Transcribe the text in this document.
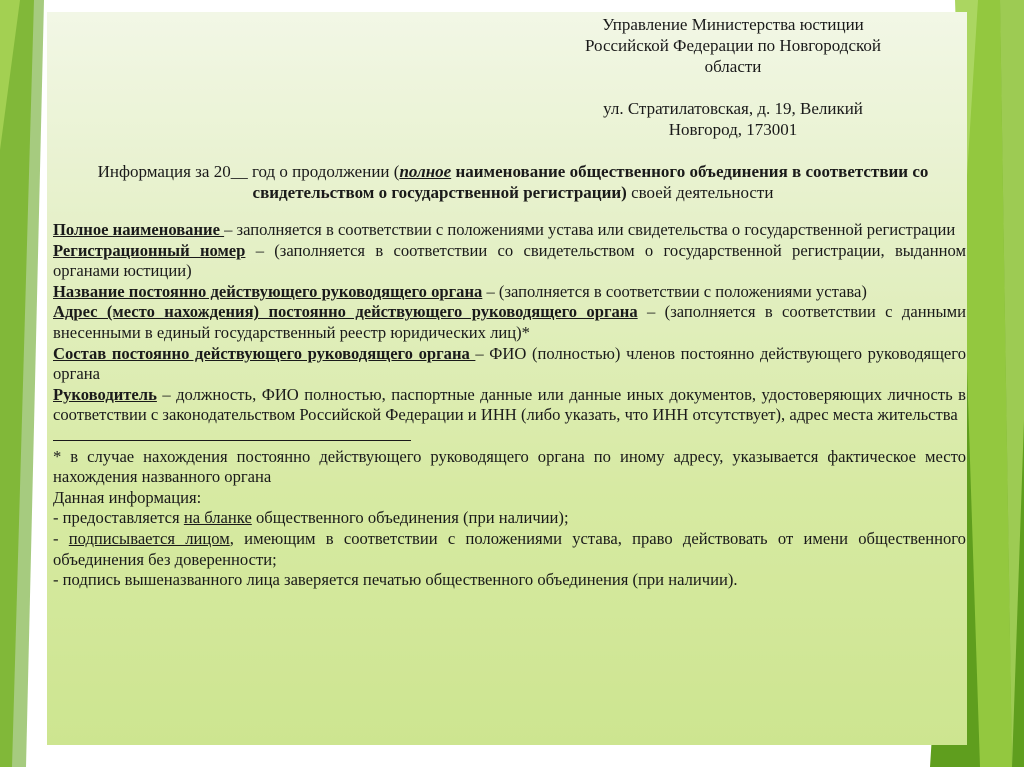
Управление Министерства юстиции

Российской Федерации по Новгородской

области

ул. Стратилатовская, д. 19, Великий

Новгород, 173001

Информация за 20__ год о продолжении (полное наименование общественного объединения в соответствии со свидетельством о государственной регистрации) своей деятельности

Полное наименование – заполняется в соответствии с положениями устава или свидетельства о государственной регистрации

Регистрационный номер – (заполняется в соответствии со свидетельством о государственной регистрации, выданном органами юстиции)

Название постоянно действующего руководящего органа – (заполняется в соответствии с положениями устава)

Адрес (место нахождения) постоянно действующего руководящего органа – (заполняется в соответствии с данными внесенными в единый государственный реестр юридических лиц)*

Состав постоянно действующего руководящего органа – ФИО (полностью) членов постоянно действующего руководящего органа

Руководитель – должность, ФИО полностью, паспортные данные или данные иных документов, удостоверяющих личность в соответствии с законодательством Российской Федерации и ИНН (либо указать, что ИНН отсутствует), адрес места жительства

* в случае нахождения постоянно действующего руководящего органа по иному адресу, указывается фактическое место нахождения названного органа

Данная информация:

- предоставляется на бланке общественного объединения (при наличии);

- подписывается лицом, имеющим в соответствии с положениями устава, право действовать от имени общественного объединения без доверенности;

- подпись вышеназванного лица заверяется печатью общественного объединения (при наличии).
